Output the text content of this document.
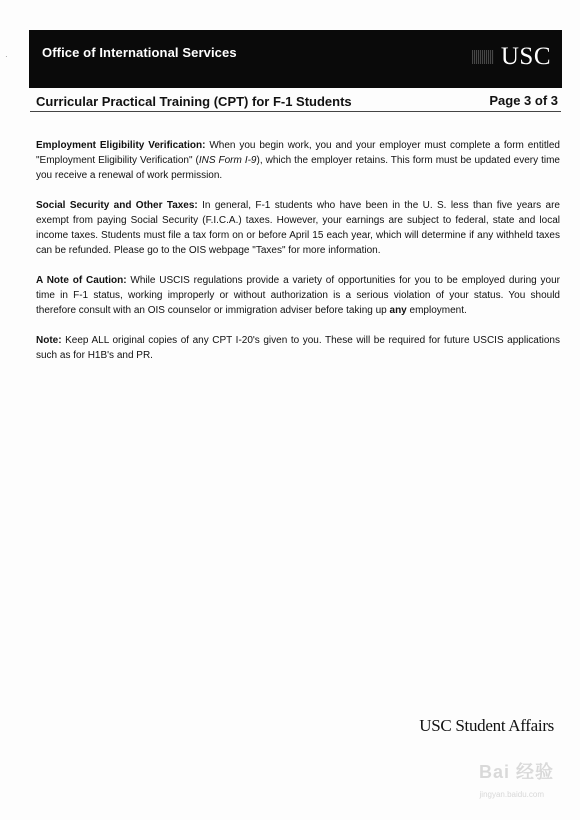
·	Office of International Services	USC
Curricular Practical Training (CPT) for F-1 Students	Page 3 of 3

Employment Eligibility Verification: When you begin work, you and your employer must complete a form entitled "Employment Eligibility Verification" (INS Form I-9), which the employer retains. This form must be updated every time you receive a renewal of work permission.

Social Security and Other Taxes: In general, F-1 students who have been in the U. S. less than five years are exempt from paying Social Security (F.I.C.A.) taxes. However, your earnings are subject to federal, state and local income taxes. Students must file a tax form on or before April 15 each year, which will determine if any withheld taxes can be refunded. Please go to the OIS webpage "Taxes" for more information.

A Note of Caution: While USCIS regulations provide a variety of opportunities for you to be employed during your time in F-1 status, working improperly or without authorization is a serious violation of your status. You should therefore consult with an OIS counselor or immigration adviser before taking up any employment.

Note: Keep ALL original copies of any CPT I-20's given to you. These will be required for future USCIS applications such as for H1B's and PR.

USC Student Affairs
Bai 经验
jingyan.baidu.com
